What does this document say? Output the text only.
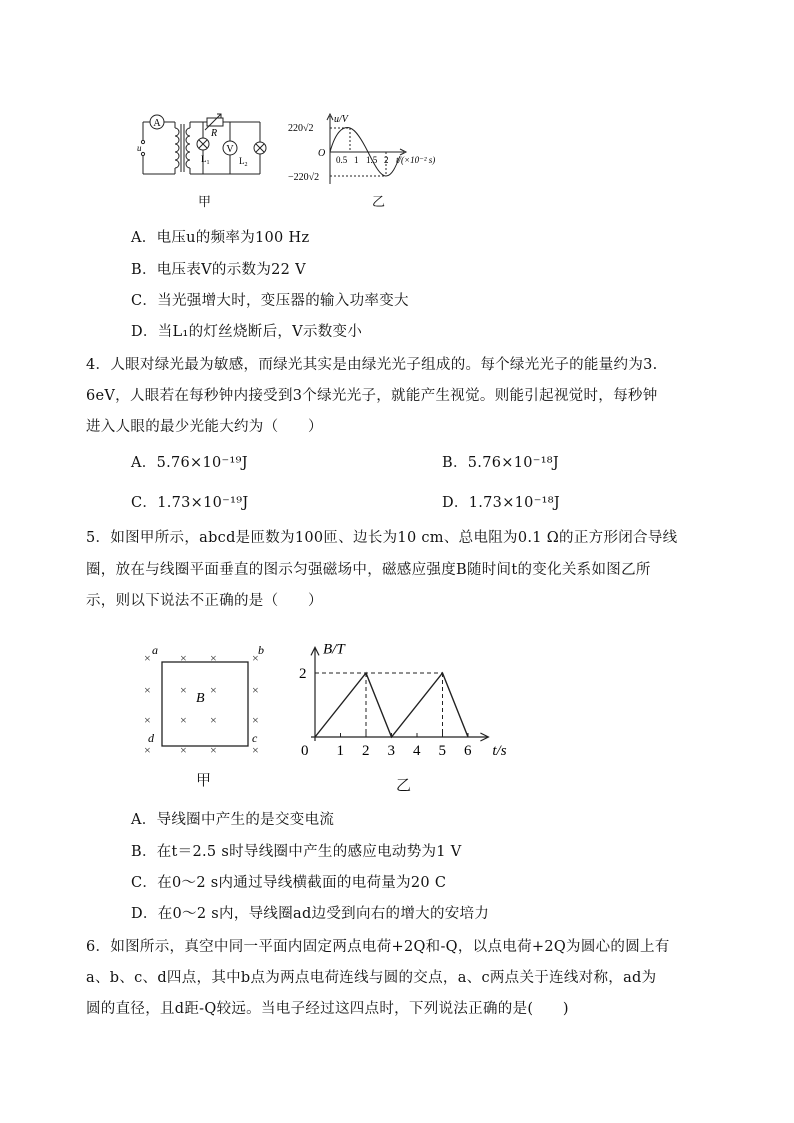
A
u
R
$L_1$
V
$L_2$
甲
u/V
220√2
−220√2
O
0.5 1 1.5 2 t/(×10⁻² s)
乙
A．电压u的频率为100 Hz
B．电压表V的示数为22 V
C．当光强增大时，变压器的输入功率变大
D．当L₁的灯丝烧断后，V示数变小
4．人眼对绿光最为敏感，而绿光其实是由绿光光子组成的。每个绿光光子的能量约为3.
6eV，人眼若在每秒钟内接受到3个绿光光子，就能产生视觉。则能引起视觉时，每秒钟
进入人眼的最少光能大约为（　　）
A．5.76×10⁻¹⁹J	B．5.76×10⁻¹⁸J
C．1.73×10⁻¹⁹J	D．1.73×10⁻¹⁸J
5．如图甲所示，abcd是匝数为100匝、边长为10 cm、总电阻为0.1 Ω的正方形闭合导线
圈，放在与线圈平面垂直的图示匀强磁场中，磁感应强度B随时间t的变化关系如图乙所
示，则以下说法不正确的是（　　）
× × ×	×
× × ×	×
× × ×	×
× × ×	×
a	b
c
d
B
甲
0 1 2 3 4 5 6
2
B/T
t/s
乙
A．导线圈中产生的是交变电流
B．在t＝2.5 s时导线圈中产生的感应电动势为1 V
C．在0～2 s内通过导线横截面的电荷量为20 C
D．在0～2 s内，导线圈ad边受到向右的增大的安培力
6．如图所示，真空中同一平面内固定两点电荷+2Q和-Q，以点电荷+2Q为圆心的圆上有
a、b、c、d四点，其中b点为两点电荷连线与圆的交点，a、c两点关于连线对称，ad为
圆的直径，且d距-Q较远。当电子经过这四点时，下列说法正确的是(　　)
